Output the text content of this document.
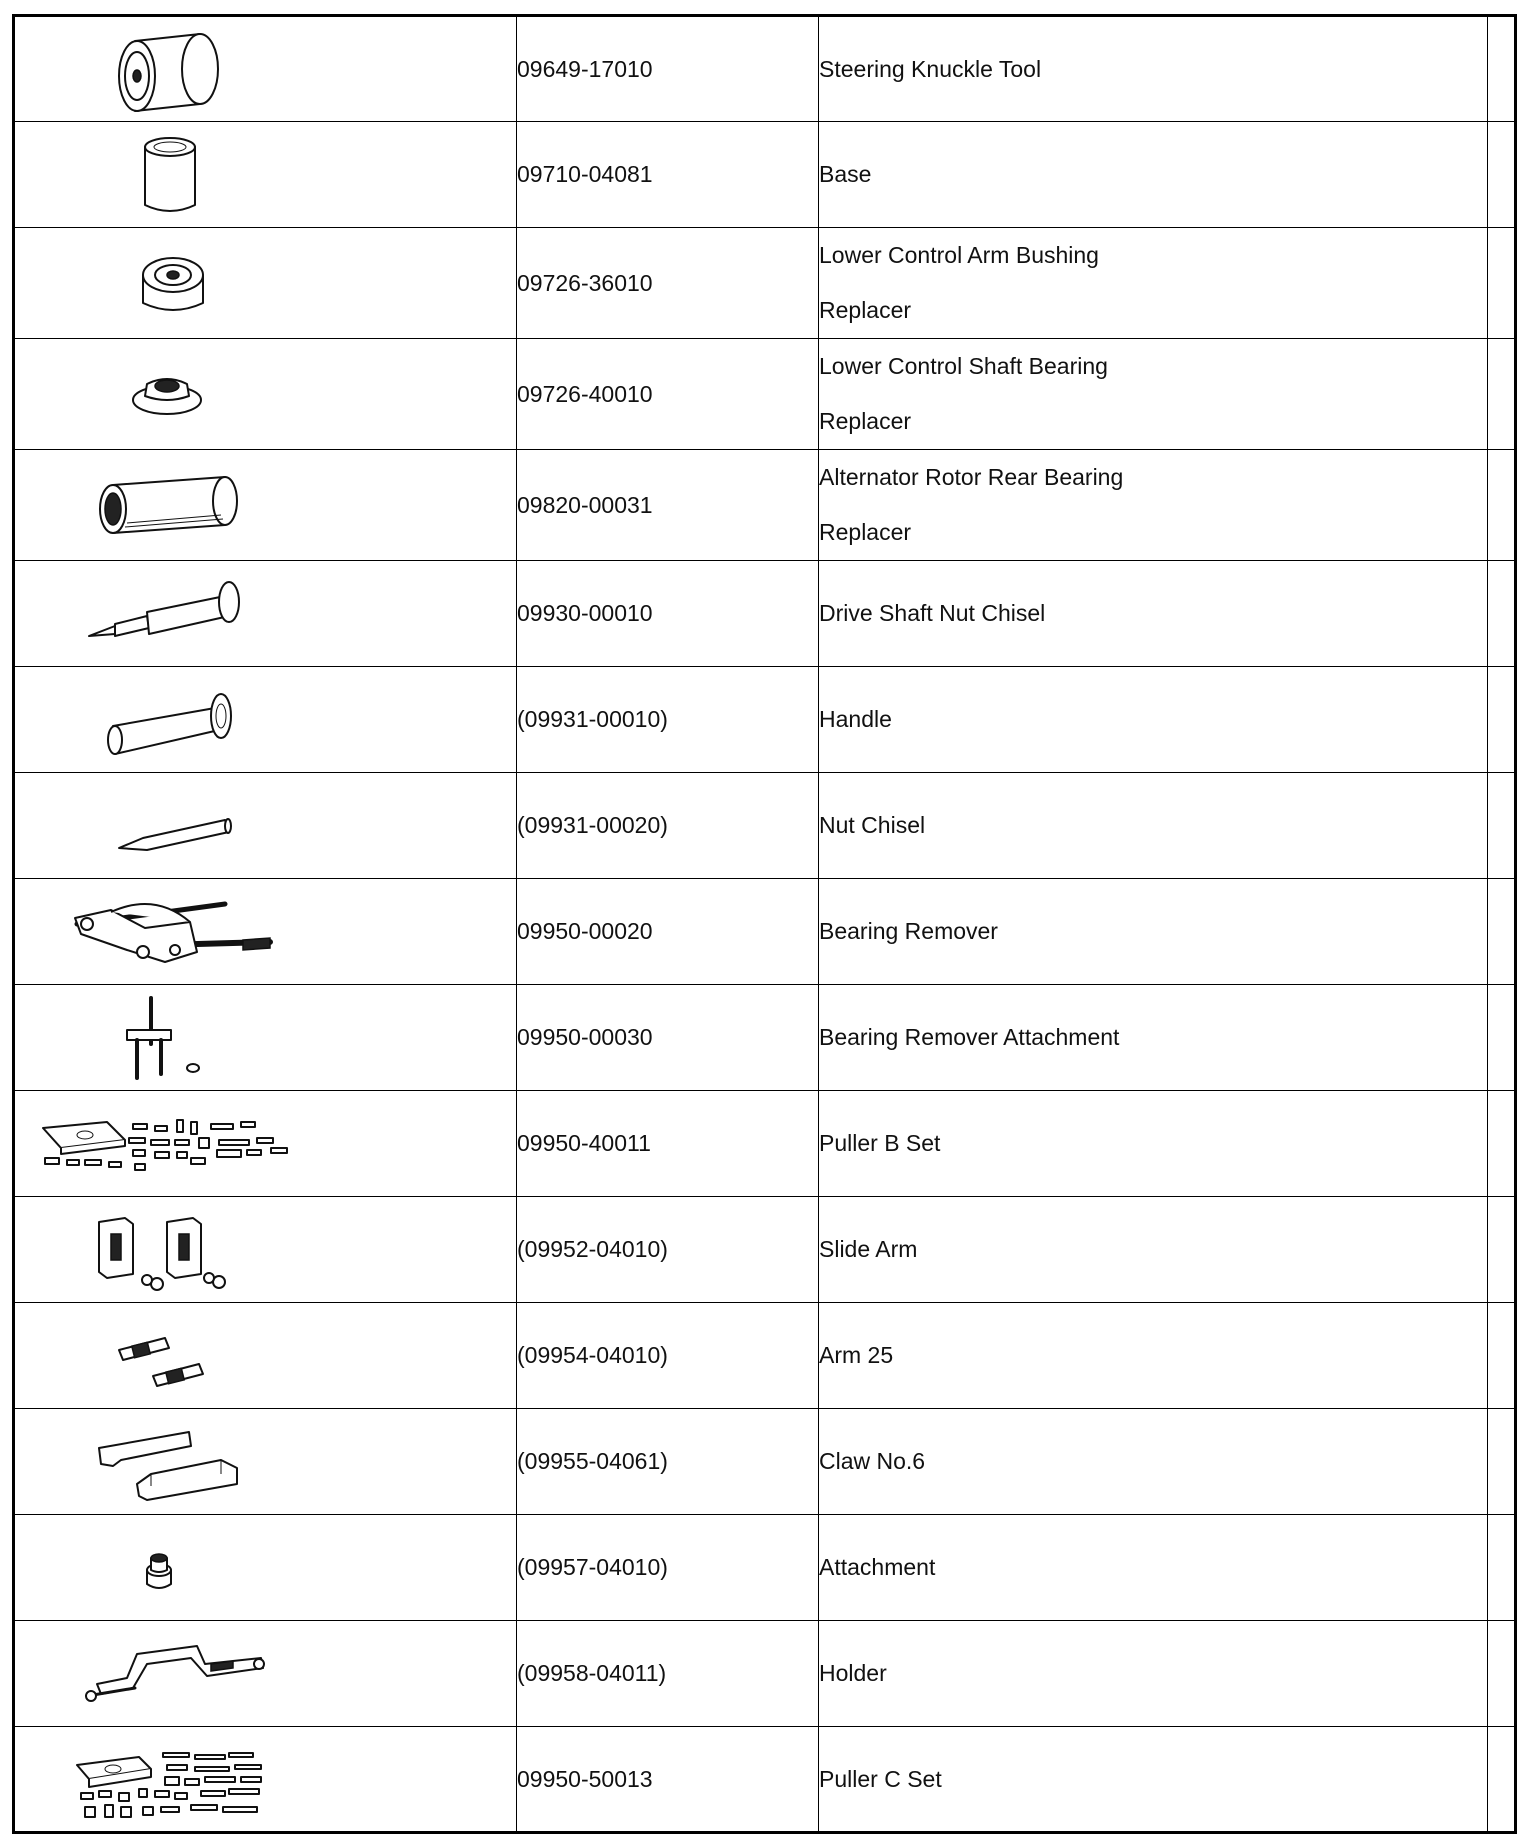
	09649-17010	Steering Knuckle Tool	

	09710-04081	Base	

	09726-36010	Lower Control Arm Bushing
Replacer	

	09726-40010	Lower Control Shaft Bearing
Replacer	

	09820-00031	Alternator Rotor Rear Bearing
Replacer	

	09930-00010	Drive Shaft Nut Chisel	

	(09931-00010)	Handle	

	(09931-00020)	Nut Chisel	

	09950-00020	Bearing Remover	

	09950-00030	Bearing Remover Attachment	

	09950-40011	Puller B Set	

	(09952-04010)	Slide Arm	

	(09954-04010)	Arm 25	

	(09955-04061)	Claw No.6	

	(09957-04010)	Attachment	

	(09958-04011)	Holder	

	09950-50013	Puller C Set	
